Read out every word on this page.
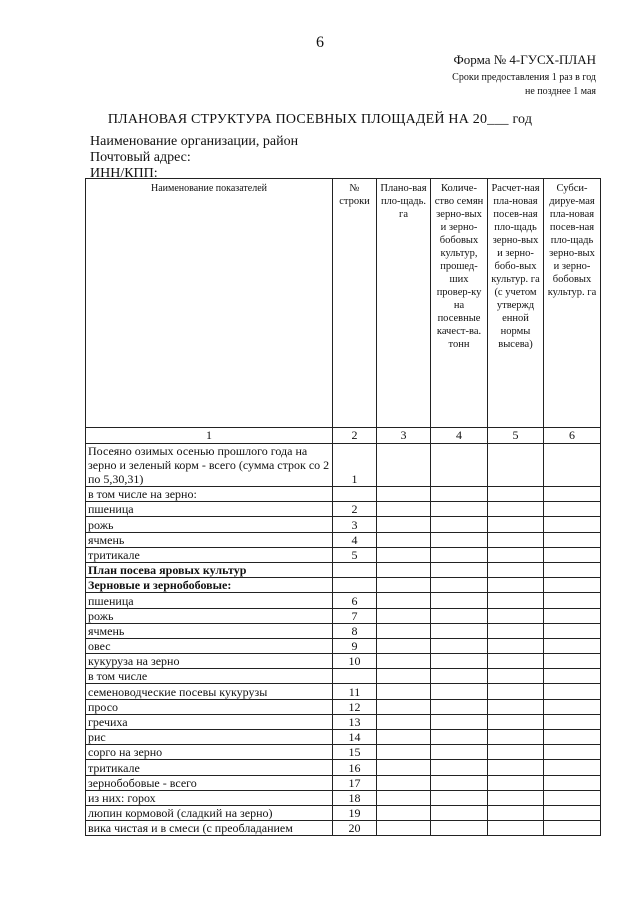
6
Форма № 4-ГУСХ-ПЛАН
Сроки предоставления 1 раз в год
не позднее 1 мая
ПЛАНОВАЯ СТРУКТУРА ПОСЕВНЫХ ПЛОЩАДЕЙ НА 20___ год
Наименование организации, район
Почтовый адрес:
ИНН/КПП:
Наименование показателей	№ строки	Плано-вая пло-щадь. га	Количе-ство семян зерно-вых и зерно-бобовых культур, прошед-ших провер-ку на посевные качест-ва. тонн	Расчет-ная пла-новая посев-ная пло-щадь зерно-вых и зерно-бобо-вых культур. га (с учетом утвержд енной нормы высева)	Субси-дируе-мая пла-новая посев-ная пло-щадь зерно-вых и зерно-бобовых культур. га
1	2	3	4	5	6
Посеяно озимых осенью прошлого года на зерно и зеленый корм - всего (сумма строк со 2 по 5,30,31)	1				
в том числе на зерно:					
пшеница	2				
рожь	3				
ячмень	4				
тритикале	5				
План посева яровых культур					
Зерновые и зернобобовые:					
пшеница	6				
рожь	7				
ячмень	8				
овес	9				
кукуруза на зерно	10				
в том числе					
семеноводческие посевы кукурузы	11				
просо	12				
гречиха	13				
рис	14				
сорго на зерно	15				
тритикале	16				
зернобобовые - всего	17				
из них: горох	18				
люпин кормовой (сладкий на зерно)	19				
вика чистая и в смеси (с преобладанием	20				
